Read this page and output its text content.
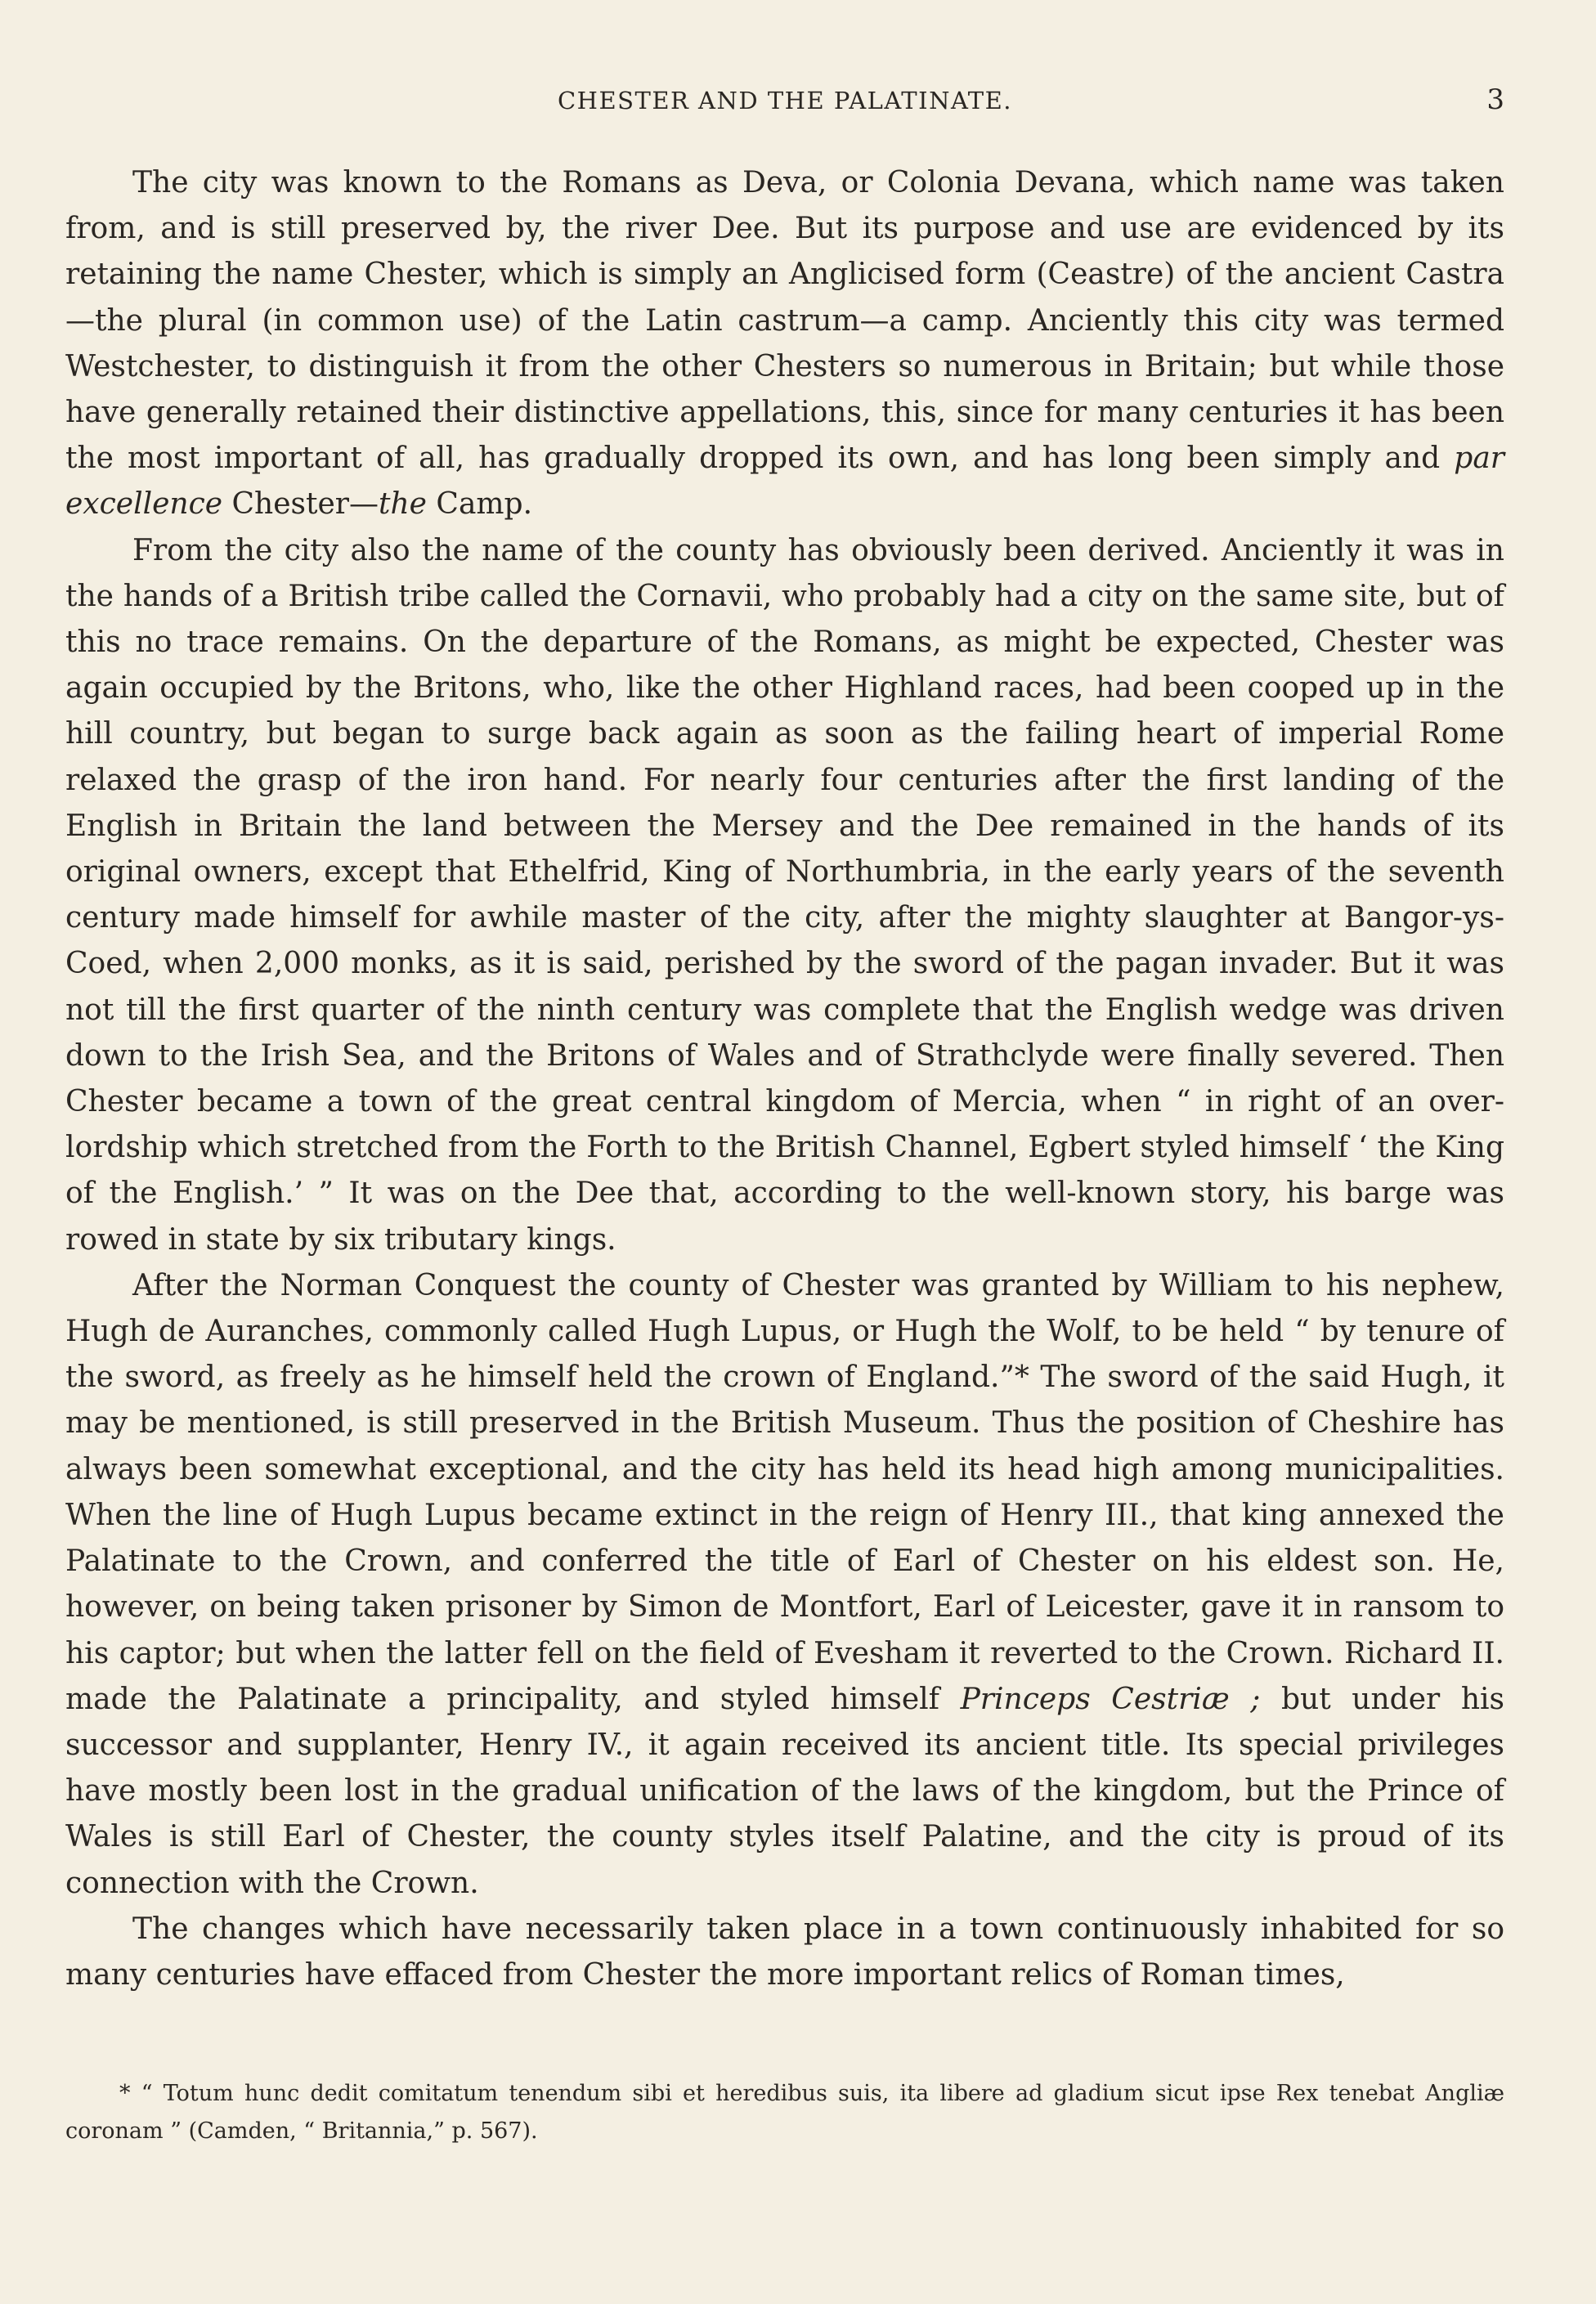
CHESTER AND THE PALATINATE.	3

The city was known to the Romans as Deva, or Colonia Devana, which name was taken from, and is still preserved by, the river Dee. But its purpose and use are evidenced by its retaining the name Chester, which is simply an Anglicised form (Ceastre) of the ancient Castra—the plural (in common use) of the Latin castrum—a camp. Anciently this city was termed Westchester, to distinguish it from the other Chesters so numerous in Britain; but while those have generally retained their distinctive appellations, this, since for many centuries it has been the most important of all, has gradually dropped its own, and has long been simply and par excellence Chester—the Camp.

From the city also the name of the county has obviously been derived. Anciently it was in the hands of a British tribe called the Cornavii, who probably had a city on the same site, but of this no trace remains. On the departure of the Romans, as might be expected, Chester was again occupied by the Britons, who, like the other Highland races, had been cooped up in the hill country, but began to surge back again as soon as the failing heart of imperial Rome relaxed the grasp of the iron hand. For nearly four centuries after the first landing of the English in Britain the land between the Mersey and the Dee remained in the hands of its original owners, except that Ethelfrid, King of Northumbria, in the early years of the seventh century made himself for awhile master of the city, after the mighty slaughter at Bangor-ys-Coed, when 2,000 monks, as it is said, perished by the sword of the pagan invader. But it was not till the first quarter of the ninth century was complete that the English wedge was driven down to the Irish Sea, and the Britons of Wales and of Strathclyde were finally severed. Then Chester became a town of the great central kingdom of Mercia, when “ in right of an over-lordship which stretched from the Forth to the British Channel, Egbert styled himself ‘ the King of the English.’ ” It was on the Dee that, according to the well-known story, his barge was rowed in state by six tributary kings.

After the Norman Conquest the county of Chester was granted by William to his nephew, Hugh de Auranches, commonly called Hugh Lupus, or Hugh the Wolf, to be held “ by tenure of the sword, as freely as he himself held the crown of England.”* The sword of the said Hugh, it may be mentioned, is still preserved in the British Museum. Thus the position of Cheshire has always been somewhat exceptional, and the city has held its head high among municipalities. When the line of Hugh Lupus became extinct in the reign of Henry III., that king annexed the Palatinate to the Crown, and conferred the title of Earl of Chester on his eldest son. He, however, on being taken prisoner by Simon de Montfort, Earl of Leicester, gave it in ransom to his captor; but when the latter fell on the field of Evesham it reverted to the Crown. Richard II. made the Palatinate a principality, and styled himself Princeps Cestriæ ; but under his successor and supplanter, Henry IV., it again received its ancient title. Its special privileges have mostly been lost in the gradual unification of the laws of the kingdom, but the Prince of Wales is still Earl of Chester, the county styles itself Palatine, and the city is proud of its connection with the Crown.

The changes which have necessarily taken place in a town continuously inhabited for so many centuries have effaced from Chester the more important relics of Roman times,

* “ Totum hunc dedit comitatum tenendum sibi et heredibus suis, ita libere ad gladium sicut ipse Rex tenebat Angliæ coronam ” (Camden, “ Britannia,” p. 567).
